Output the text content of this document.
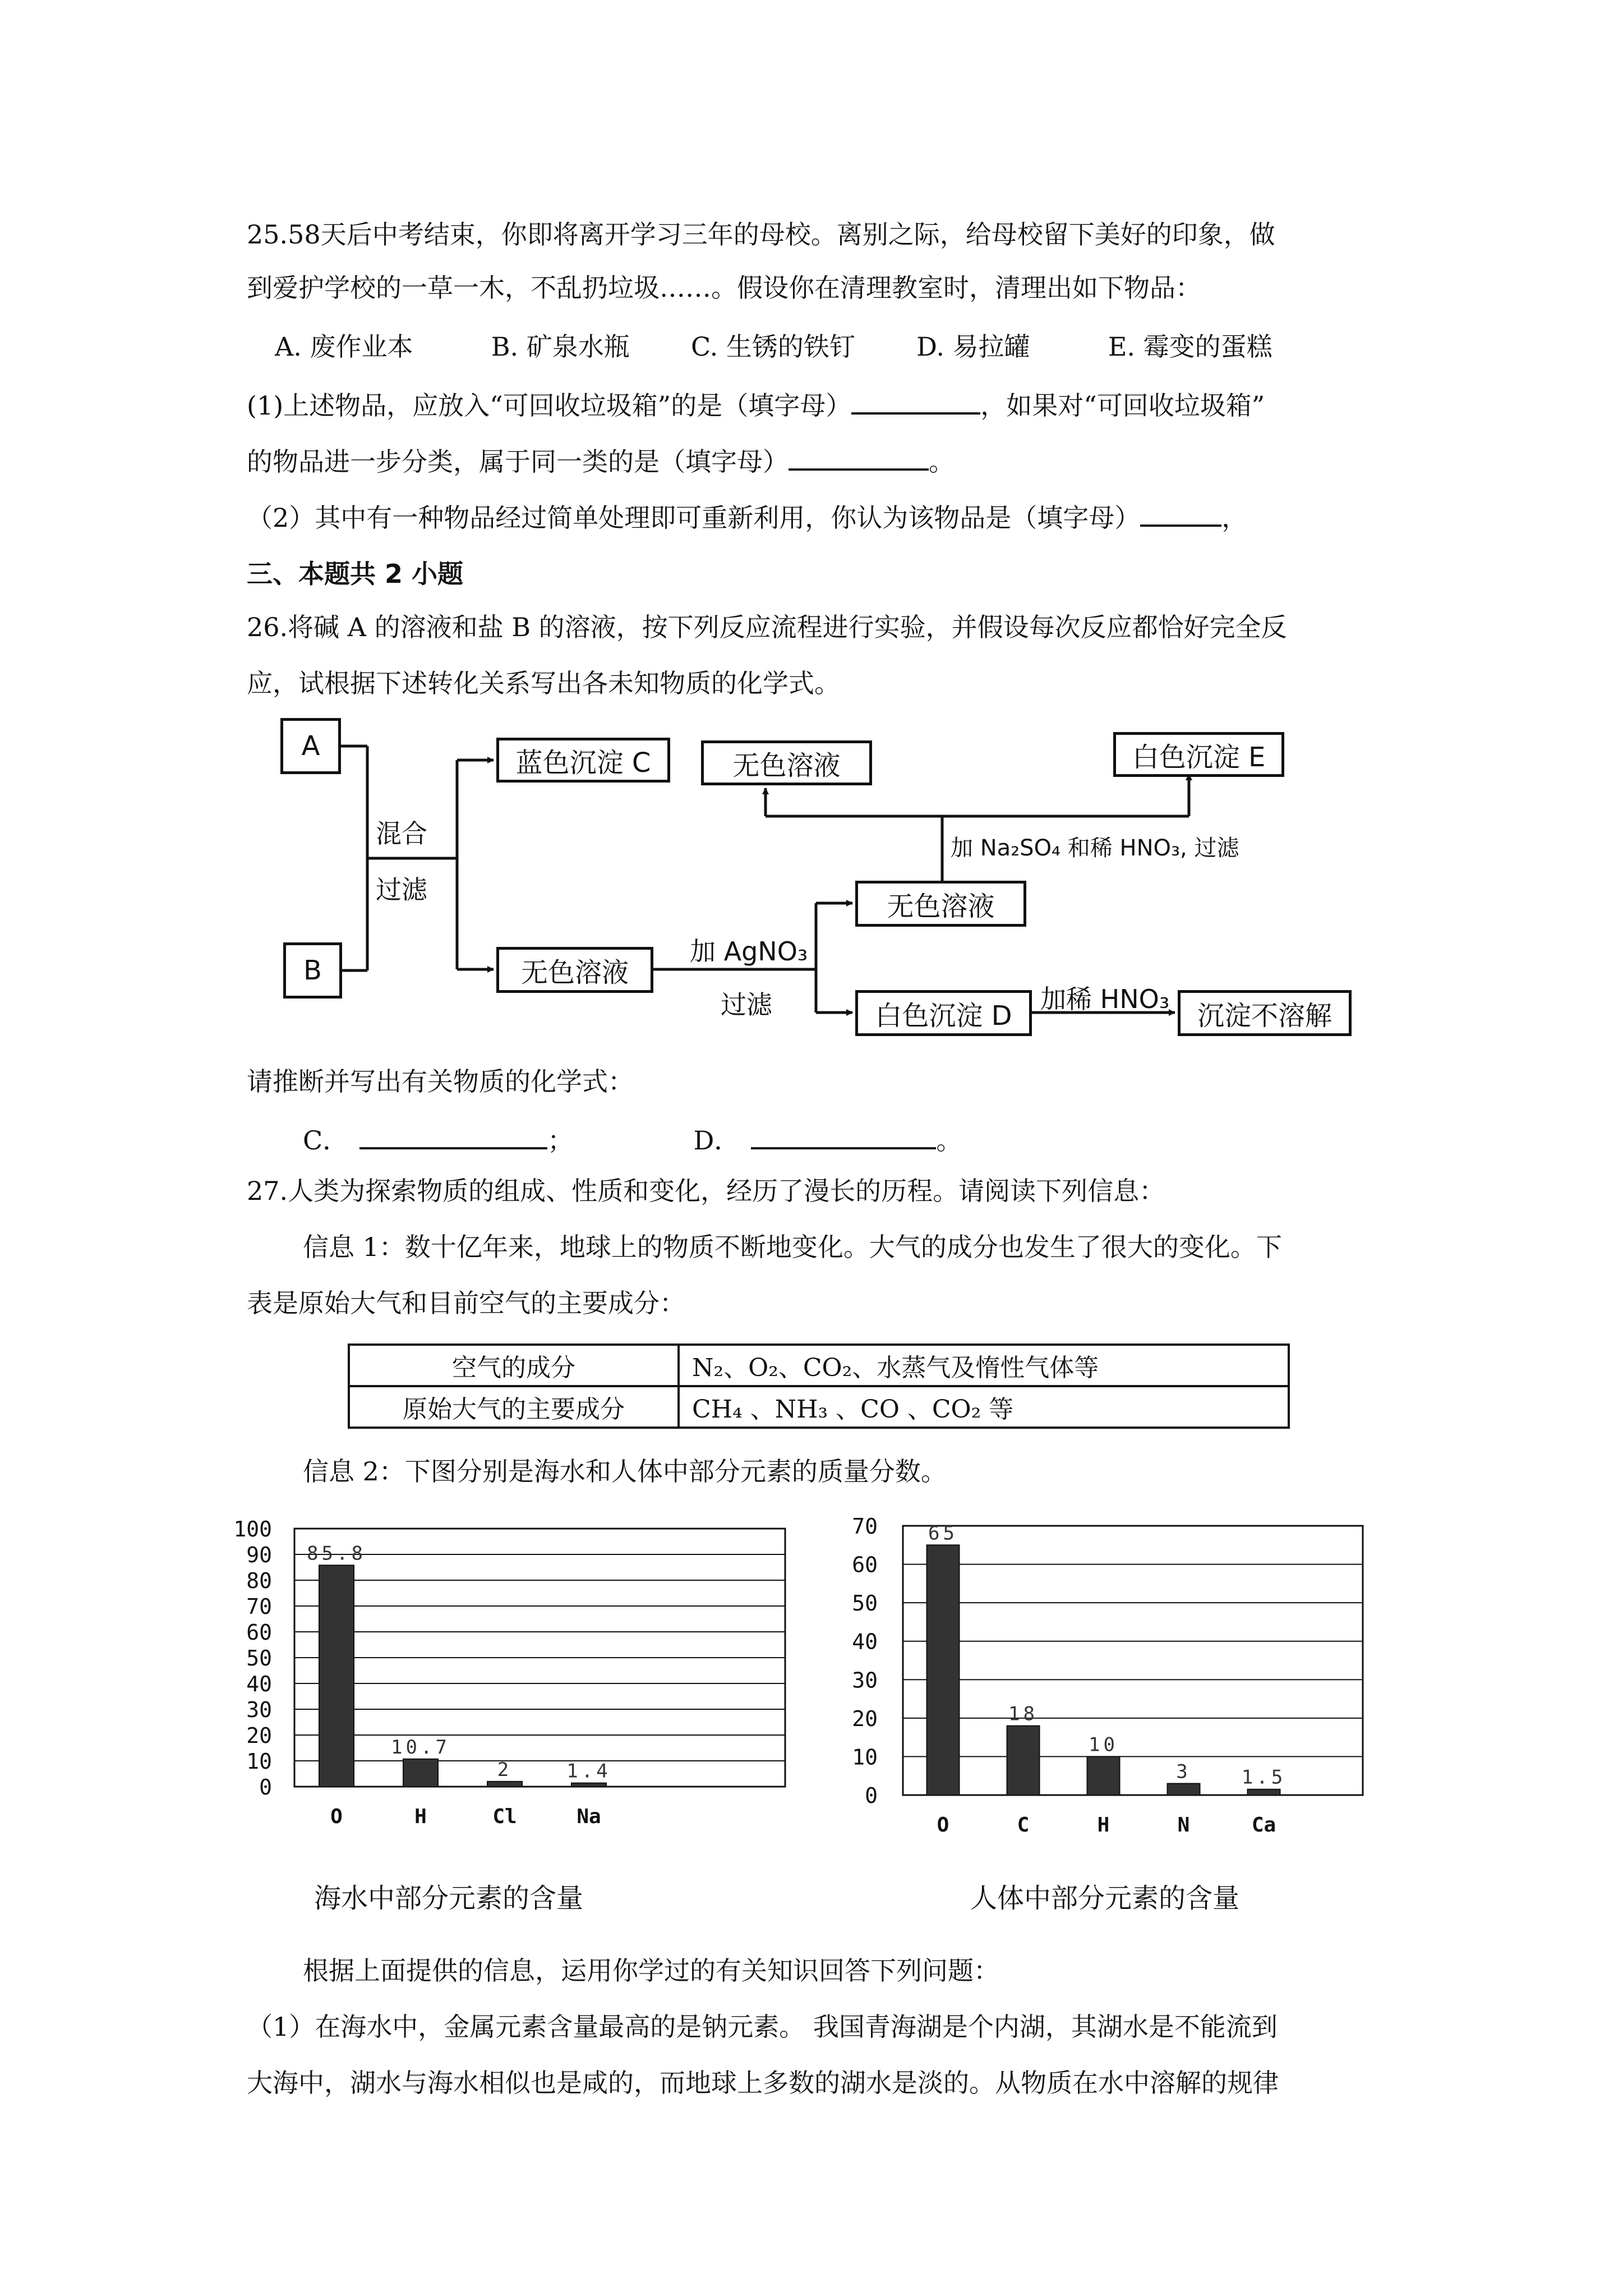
25.58天后中考结束，你即将离开学习三年的母校。离别之际，给母校留下美好的印象，做
到爱护学校的一草一木，不乱扔垃圾……。假设你在清理教室时，清理出如下物品：
A. 废作业本	B. 矿泉水瓶 C. 生锈的铁钉 D. 易拉罐	E. 霉变的蛋糕
(1)上述物品，应放入“可回收垃圾箱”的是（填字母）	，如果对“可回收垃圾箱”
的物品进一步分类，属于同一类的是（填字母）	。
（2）其中有一种物品经过简单处理即可重新利用，你认为该物品是（填字母）	，
三、本题共 2 小题
26.将碱 A 的溶液和盐 B 的溶液，按下列反应流程进行实验，并假设每次反应都恰好完全反
应，试根据下述转化关系写出各未知物质的化学式。
A
B
混合
过滤
蓝色沉淀 C
无色溶液
加 AgNO₃
过滤
无色溶液
白色沉淀 D
加稀 HNO₃
沉淀不溶解
加 Na₂SO₄ 和稀 HNO₃, 过滤
无色溶液	白色沉淀 E
请推断并写出有关物质的化学式：
C．	；	D．	。
27.人类为探索物质的组成、性质和变化，经历了漫长的历程。请阅读下列信息：
信息 1：数十亿年来，地球上的物质不断地变化。大气的成分也发生了很大的变化。下
表是原始大气和目前空气的主要成分：
空气的成分	N₂、O₂、CO₂、水蒸气及惰性气体等
原始大气的主要成分	CH₄ 、NH₃ 、CO 、CO₂ 等
信息 2：下图分别是海水和人体中部分元素的质量分数。
0
10
20
30
40
50
60
70
80
90
100
85.8
O
10.7
H
2
Cl
1.4
Na
0
10
20
30
40
50
60
70	65
O
18
C
10
H
3
N
1.5
Ca
海水中部分元素的含量	人体中部分元素的含量
根据上面提供的信息，运用你学过的有关知识回答下列问题：
（1）在海水中，金属元素含量最高的是钠元素。 我国青海湖是个内湖，其湖水是不能流到
大海中，湖水与海水相似也是咸的，而地球上多数的湖水是淡的。从物质在水中溶解的规律
